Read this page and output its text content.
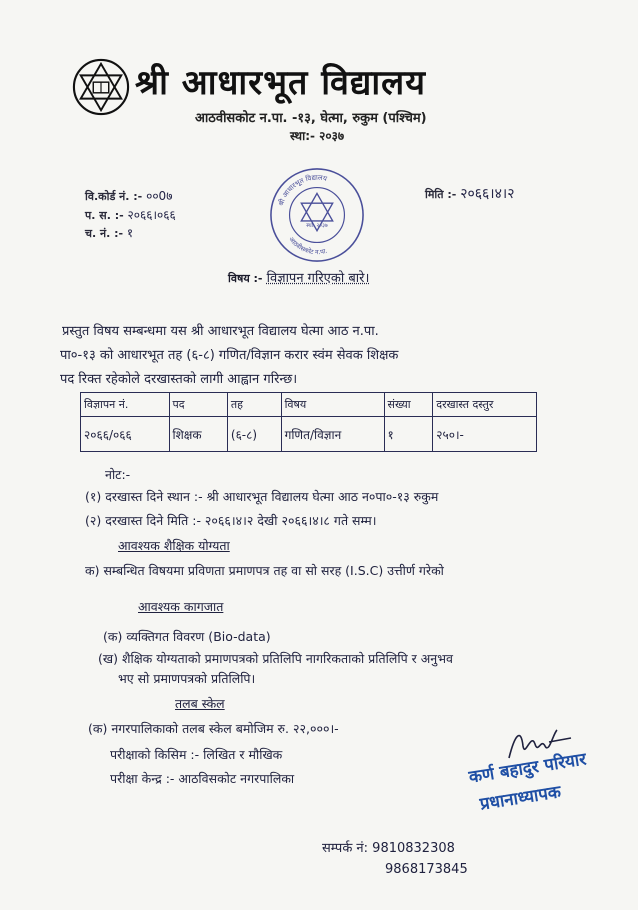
श्री आधारभूत विद्यालय
आठवीसकोट न.पा. -१३, घेत्मा, रुकुम (पश्चिम)
स्था:- २०३७
वि.कोर्ड नं. :- ००0७
प. स. :- २०६६।०६६
च. नं. :- १
मिति :- २०६६।४।२
श्री आधारभूत विद्यालय
आठवीसकोट न.पा.
स्था. २०३७
विषय :- विज्ञापन गरिएको बारे।
प्रस्तुत विषय सम्बन्धमा यस श्री आधारभूत विद्यालय घेत्मा आठ न.पा.
पा०-१३ को आधारभूत तह (६-८) गणित/विज्ञान करार स्वंम सेवक शिक्षक
पद रिक्त रहेकोले दरखास्तको लागी आह्वान गरिन्छ।
विज्ञापन नं.	पद	तह	विषय	संख्या	दरखास्त दस्तुर
२०६६/०६६	शिक्षक	(६-८)	गणित/विज्ञान	१	२५०।-
नोट:-
(१) दरखास्त दिने स्थान :- श्री आधारभूत विद्यालय घेत्मा आठ न०पा०-१३ रुकुम
(२) दरखास्त दिने मिति :- २०६६।४।२ देखी २०६६।४।८ गते सम्म।
आवश्यक शैक्षिक योग्यता
क) सम्बन्धित विषयमा प्रविणता प्रमाणपत्र तह वा सो सरह (I.S.C) उत्तीर्ण गरेको
आवश्यक कागजात
(क) व्यक्तिगत विवरण (Bio-data)
(ख) शैक्षिक योग्यताको प्रमाणपत्रको प्रतिलिपि नागरिकताको प्रतिलिपि र अनुभव
भए सो प्रमाणपत्रको प्रतिलिपि।
तलब स्केल
(क) नगरपालिकाको तलब स्केल बमोजिम रु. २२,०००।-
परीक्षाको किसिम :- लिखित र मौखिक
परीक्षा केन्द्र :- आठविसकोट नगरपालिका	कर्ण बहादुर परियार
प्रधानाध्यापक
सम्पर्क नं: 9810832308
9868173845
